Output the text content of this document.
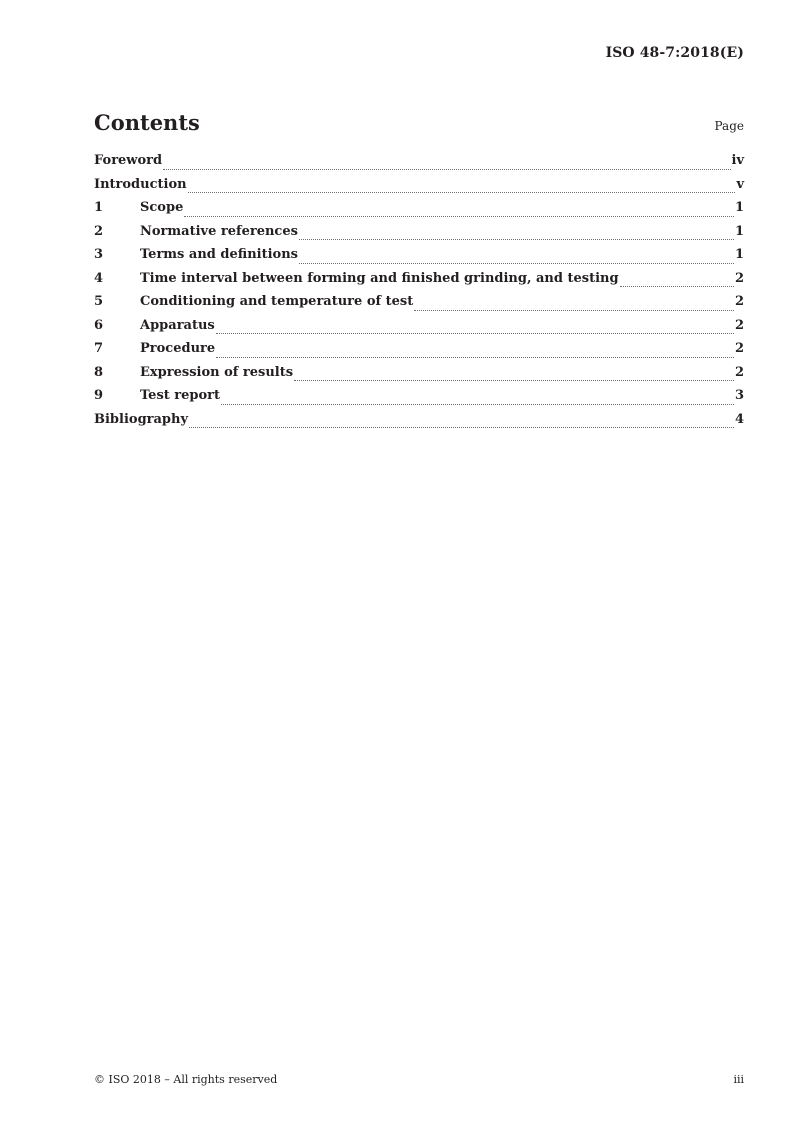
ISO 48-7:2018(E)
Contents	Page
Foreword	iv
Introduction	v
1	Scope	1
2	Normative references	1
3	Terms and definitions	1
4	Time interval between forming and finished grinding, and testing	2
5	Conditioning and temperature of test	2
6	Apparatus	2
7	Procedure	2
8	Expression of results	2
9	Test report	3
Bibliography	4
© ISO 2018 – All rights reserved	iii
